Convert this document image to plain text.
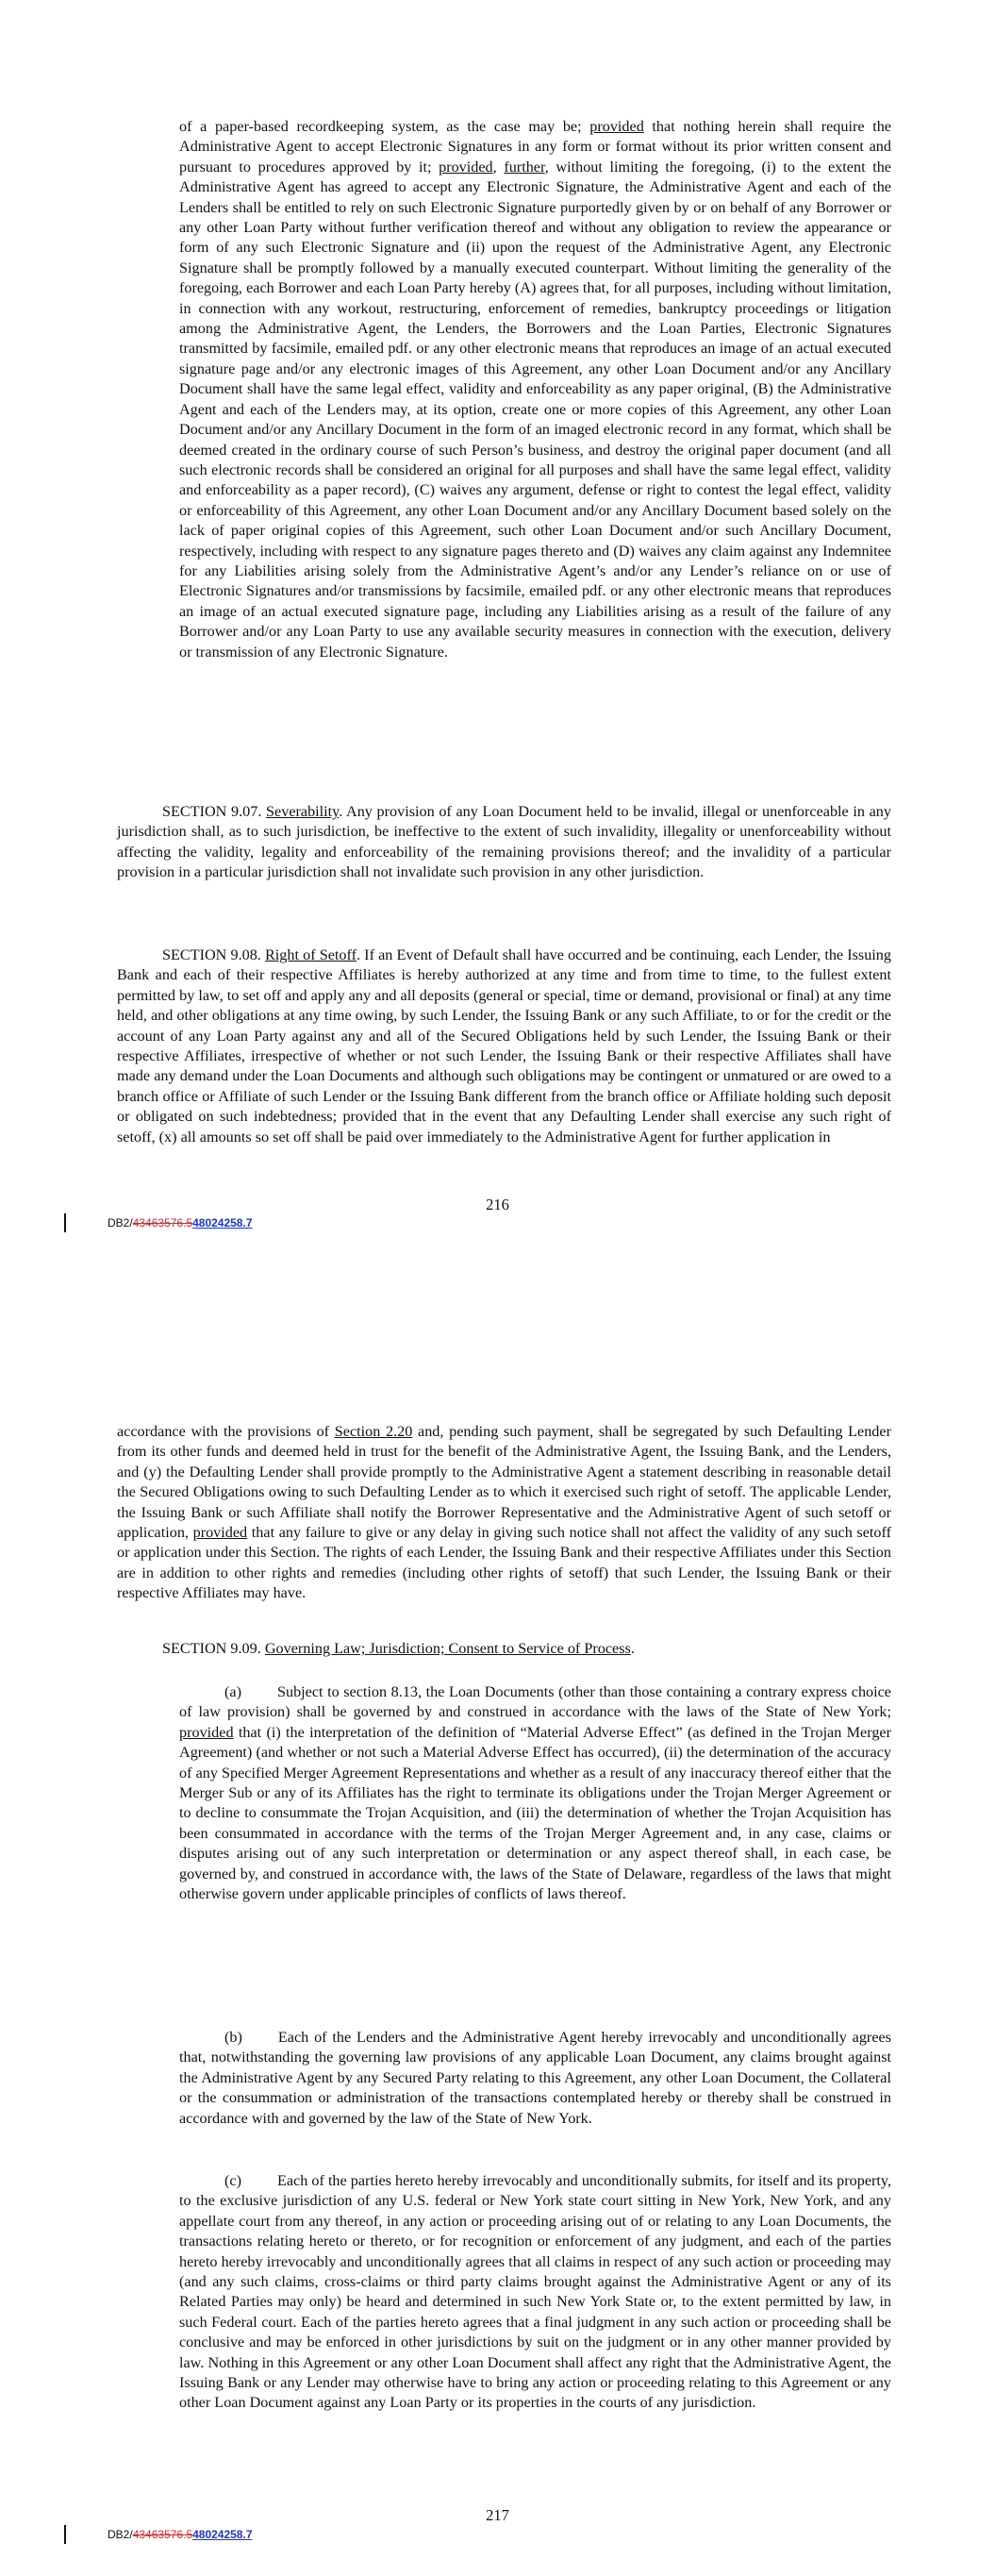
of a paper-based recordkeeping system, as the case may be; provided that nothing herein shall require the Administrative Agent to accept Electronic Signatures in any form or format without its prior written consent and pursuant to procedures approved by it; provided, further, without limiting the foregoing, (i) to the extent the Administrative Agent has agreed to accept any Electronic Signature, the Administrative Agent and each of the Lenders shall be entitled to rely on such Electronic Signature purportedly given by or on behalf of any Borrower or any other Loan Party without further verification thereof and without any obligation to review the appearance or form of any such Electronic Signature and (ii) upon the request of the Administrative Agent, any Electronic Signature shall be promptly followed by a manually executed counterpart. Without limiting the generality of the foregoing, each Borrower and each Loan Party hereby (A) agrees that, for all purposes, including without limitation, in connection with any workout, restructuring, enforcement of remedies, bankruptcy proceedings or litigation among the Administrative Agent, the Lenders, the Borrowers and the Loan Parties, Electronic Signatures transmitted by facsimile, emailed pdf. or any other electronic means that reproduces an image of an actual executed signature page and/or any electronic images of this Agreement, any other Loan Document and/or any Ancillary Document shall have the same legal effect, validity and enforceability as any paper original, (B) the Administrative Agent and each of the Lenders may, at its option, create one or more copies of this Agreement, any other Loan Document and/or any Ancillary Document in the form of an imaged electronic record in any format, which shall be deemed created in the ordinary course of such Person’s business, and destroy the original paper document (and all such electronic records shall be considered an original for all purposes and shall have the same legal effect, validity and enforceability as a paper record), (C) waives any argument, defense or right to contest the legal effect, validity or enforceability of this Agreement, any other Loan Document and/or any Ancillary Document based solely on the lack of paper original copies of this Agreement, such other Loan Document and/or such Ancillary Document, respectively, including with respect to any signature pages thereto and (D) waives any claim against any Indemnitee for any Liabilities arising solely from the Administrative Agent’s and/or any Lender’s reliance on or use of Electronic Signatures and/or transmissions by facsimile, emailed pdf. or any other electronic means that reproduces an image of an actual executed signature page, including any Liabilities arising as a result of the failure of any Borrower and/or any Loan Party to use any available security measures in connection with the execution, delivery or transmission of any Electronic Signature.

SECTION 9.07. Severability. Any provision of any Loan Document held to be invalid, illegal or unenforceable in any jurisdiction shall, as to such jurisdiction, be ineffective to the extent of such invalidity, illegality or unenforceability without affecting the validity, legality and enforceability of the remaining provisions thereof; and the invalidity of a particular provision in a particular jurisdiction shall not invalidate such provision in any other jurisdiction.

SECTION 9.08. Right of Setoff. If an Event of Default shall have occurred and be continuing, each Lender, the Issuing Bank and each of their respective Affiliates is hereby authorized at any time and from time to time, to the fullest extent permitted by law, to set off and apply any and all deposits (general or special, time or demand, provisional or final) at any time held, and other obligations at any time owing, by such Lender, the Issuing Bank or any such Affiliate, to or for the credit or the account of any Loan Party against any and all of the Secured Obligations held by such Lender, the Issuing Bank or their respective Affiliates, irrespective of whether or not such Lender, the Issuing Bank or their respective Affiliates shall have made any demand under the Loan Documents and although such obligations may be contingent or unmatured or are owed to a branch office or Affiliate of such Lender or the Issuing Bank different from the branch office or Affiliate holding such deposit or obligated on such indebtedness; provided that in the event that any Defaulting Lender shall exercise any such right of setoff, (x) all amounts so set off shall be paid over immediately to the Administrative Agent for further application in

216
DB2/ 43463576.5 48024258.7

accordance with the provisions of Section 2.20 and, pending such payment, shall be segregated by such Defaulting Lender from its other funds and deemed held in trust for the benefit of the Administrative Agent, the Issuing Bank, and the Lenders, and (y) the Defaulting Lender shall provide promptly to the Administrative Agent a statement describing in reasonable detail the Secured Obligations owing to such Defaulting Lender as to which it exercised such right of setoff. The applicable Lender, the Issuing Bank or such Affiliate shall notify the Borrower Representative and the Administrative Agent of such setoff or application, provided that any failure to give or any delay in giving such notice shall not affect the validity of any such setoff or application under this Section. The rights of each Lender, the Issuing Bank and their respective Affiliates under this Section are in addition to other rights and remedies (including other rights of setoff) that such Lender, the Issuing Bank or their respective Affiliates may have.

SECTION 9.09. Governing Law; Jurisdiction; Consent to Service of Process.

(a) Subject to section 8.13, the Loan Documents (other than those containing a contrary express choice of law provision) shall be governed by and construed in accordance with the laws of the State of New York; provided that (i) the interpretation of the definition of “Material Adverse Effect” (as defined in the Trojan Merger Agreement) (and whether or not such a Material Adverse Effect has occurred), (ii) the determination of the accuracy of any Specified Merger Agreement Representations and whether as a result of any inaccuracy thereof either that the Merger Sub or any of its Affiliates has the right to terminate its obligations under the Trojan Merger Agreement or to decline to consummate the Trojan Acquisition, and (iii) the determination of whether the Trojan Acquisition has been consummated in accordance with the terms of the Trojan Merger Agreement and, in any case, claims or disputes arising out of any such interpretation or determination or any aspect thereof shall, in each case, be governed by, and construed in accordance with, the laws of the State of Delaware, regardless of the laws that might otherwise govern under applicable principles of conflicts of laws thereof.

(b) Each of the Lenders and the Administrative Agent hereby irrevocably and unconditionally agrees that, notwithstanding the governing law provisions of any applicable Loan Document, any claims brought against the Administrative Agent by any Secured Party relating to this Agreement, any other Loan Document, the Collateral or the consummation or administration of the transactions contemplated hereby or thereby shall be construed in accordance with and governed by the law of the State of New York.

(c) Each of the parties hereto hereby irrevocably and unconditionally submits, for itself and its property, to the exclusive jurisdiction of any U.S. federal or New York state court sitting in New York, New York, and any appellate court from any thereof, in any action or proceeding arising out of or relating to any Loan Documents, the transactions relating hereto or thereto, or for recognition or enforcement of any judgment, and each of the parties hereto hereby irrevocably and unconditionally agrees that all claims in respect of any such action or proceeding may (and any such claims, cross-claims or third party claims brought against the Administrative Agent or any of its Related Parties may only) be heard and determined in such New York State or, to the extent permitted by law, in such Federal court. Each of the parties hereto agrees that a final judgment in any such action or proceeding shall be conclusive and may be enforced in other jurisdictions by suit on the judgment or in any other manner provided by law. Nothing in this Agreement or any other Loan Document shall affect any right that the Administrative Agent, the Issuing Bank or any Lender may otherwise have to bring any action or proceeding relating to this Agreement or any other Loan Document against any Loan Party or its properties in the courts of any jurisdiction.

217
DB2/ 43463576.5 48024258.7
